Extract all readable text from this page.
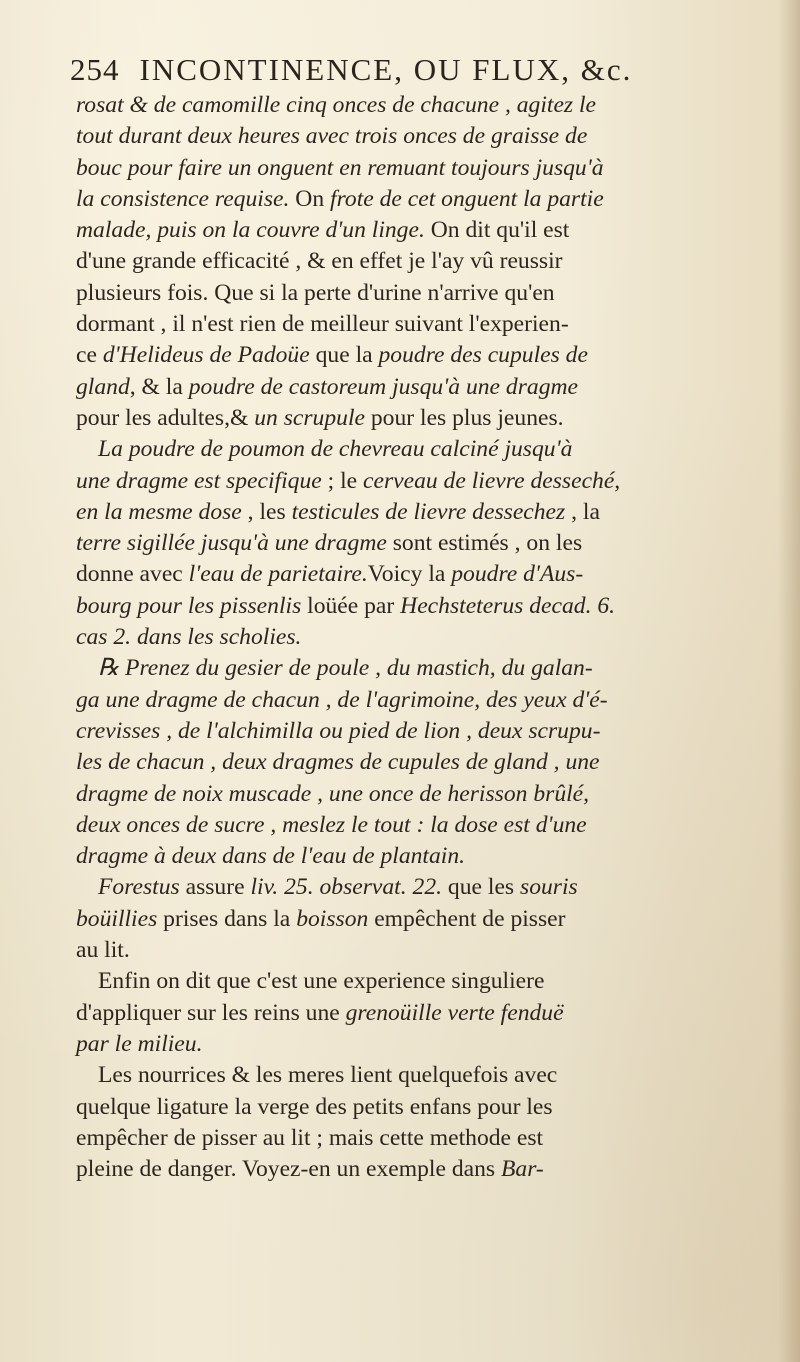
254 INCONTINENCE, OU FLUX, &c.
rosat & de camomille cinq onces de chacune , agitez le
tout durant deux heures avec trois onces de graisse de
bouc pour faire un onguent en remuant toujours jusqu'à
la consistence requise. On frote de cet onguent la partie
malade, puis on la couvre d'un linge. On dit qu'il est
d'une grande efficacité , & en effet je l'ay vû reussir
plusieurs fois. Que si la perte d'urine n'arrive qu'en
dormant , il n'est rien de meilleur suivant l'experien-
ce d'Helideus de Padoüe que la poudre des cupules de
gland, & la poudre de castoreum jusqu'à une dragme
pour les adultes,& un scrupule pour les plus jeunes.
La poudre de poumon de chevreau calciné jusqu'à
une dragme est specifique ; le cerveau de lievre desseché,
en la mesme dose , les testicules de lievre dessechez , la
terre sigillée jusqu'à une dragme sont estimés , on les
donne avec l'eau de parietaire.Voicy la poudre d'Aus-
bourg pour les pissenlis loüée par Hechsteterus decad. 6.
cas 2. dans les scholies.
℞ Prenez du gesier de poule , du mastich, du galan-
ga une dragme de chacun , de l'agrimoine, des yeux d'é-
crevisses , de l'alchimilla ou pied de lion , deux scrupu-
les de chacun , deux dragmes de cupules de gland , une
dragme de noix muscade , une once de herisson brûlé,
deux onces de sucre , meslez le tout : la dose est d'une
dragme à deux dans de l'eau de plantain.
Forestus assure liv. 25. observat. 22. que les souris
boüillies prises dans la boisson empêchent de pisser
au lit.
Enfin on dit que c'est une experience singuliere
d'appliquer sur les reins une grenoüille verte fenduë
par le milieu.
Les nourrices & les meres lient quelquefois avec
quelque ligature la verge des petits enfans pour les
empêcher de pisser au lit ; mais cette methode est
pleine de danger. Voyez-en un exemple dans Bar-
